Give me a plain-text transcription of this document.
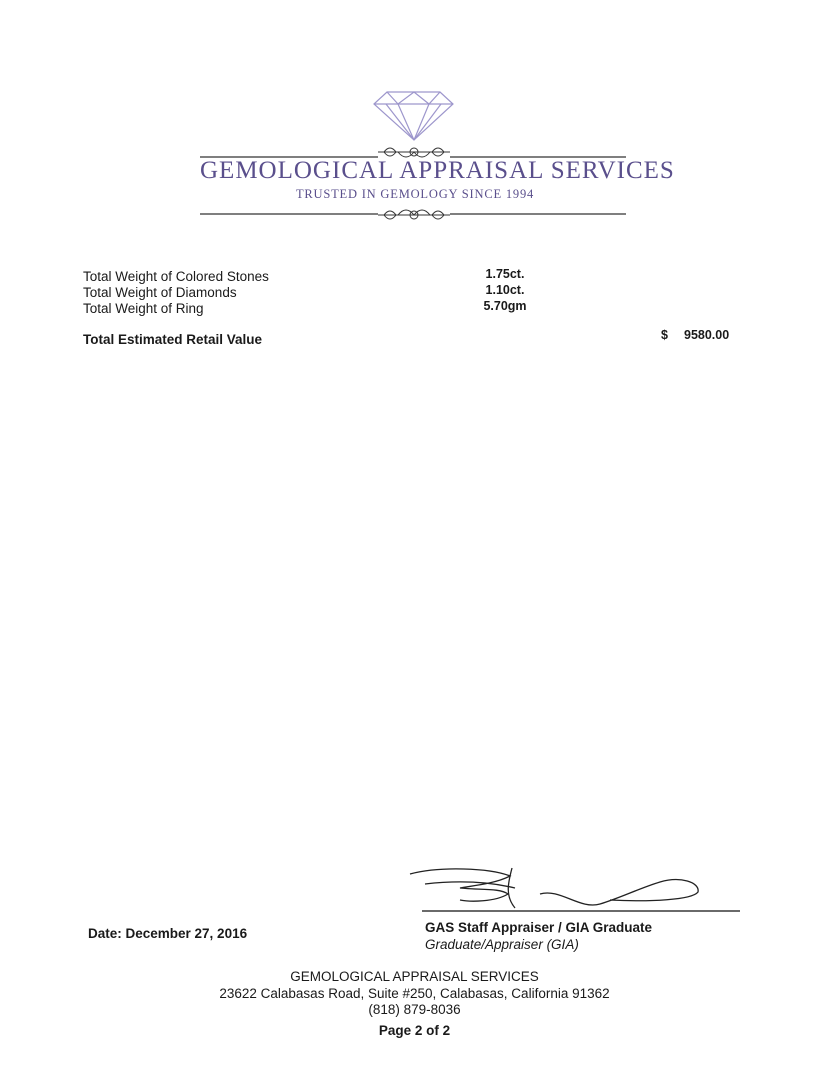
GEMOLOGICAL APPRAISAL SERVICES
TRUSTED IN GEMOLOGY SINCE 1994
Total Weight of Colored Stones	1.75ct.
Total Weight of Diamonds	1.10ct.
Total Weight of Ring	5.70gm
Total Estimated Retail Value	$ 9580.00
Date: December 27, 2016	GAS Staff Appraiser / GIA Graduate
Graduate/Appraiser (GIA)
GEMOLOGICAL APPRAISAL SERVICES
23622 Calabasas Road, Suite #250, Calabasas, California 91362
(818) 879-8036
Page 2 of 2
